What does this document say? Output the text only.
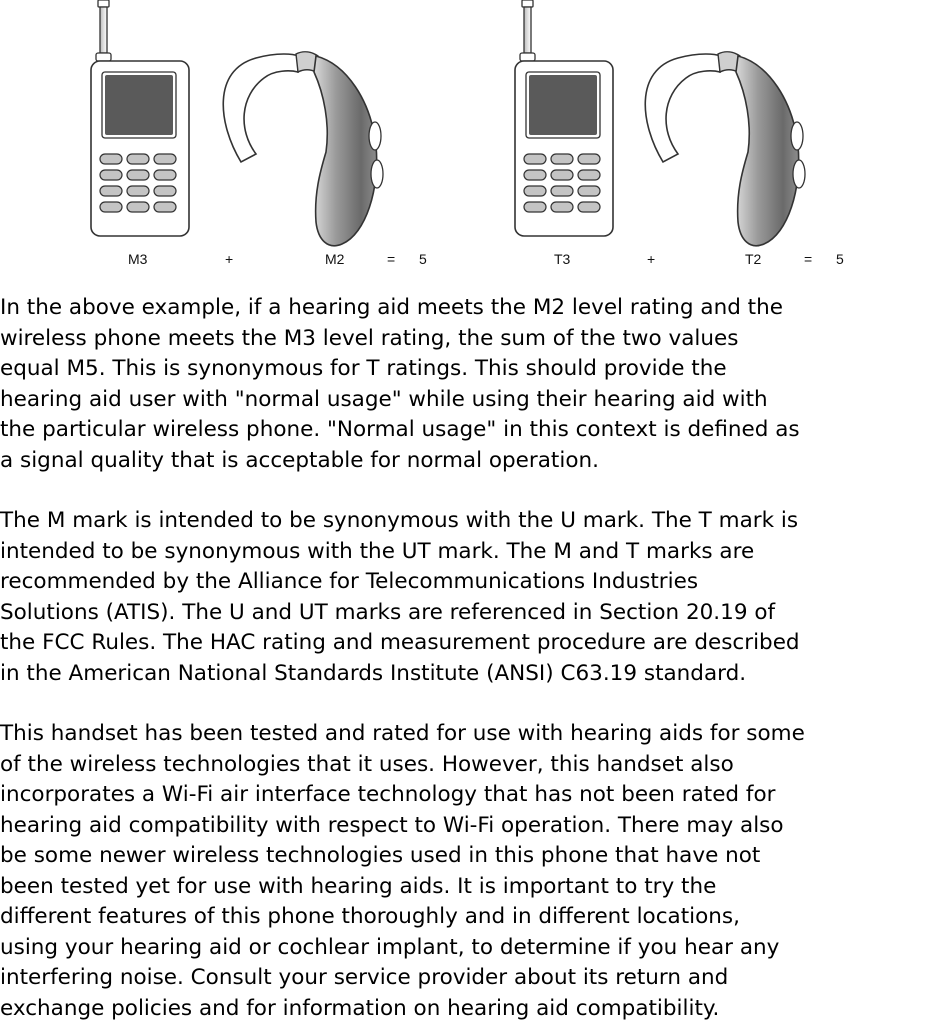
M3	+	M2	= 5	T3	+	T2	= 5

In the above example, if a hearing aid meets the M2 level rating and the
wireless phone meets the M3 level rating, the sum of the two values
equal M5. This is synonymous for T ratings. This should provide the
hearing aid user with "normal usage" while using their hearing aid with
the particular wireless phone. "Normal usage" in this context is defined as
a signal quality that is acceptable for normal operation.

The M mark is intended to be synonymous with the U mark. The T mark is
intended to be synonymous with the UT mark. The M and T marks are
recommended by the Alliance for Telecommunications Industries
Solutions (ATIS). The U and UT marks are referenced in Section 20.19 of
the FCC Rules. The HAC rating and measurement procedure are described
in the American National Standards Institute (ANSI) C63.19 standard.

This handset has been tested and rated for use with hearing aids for some
of the wireless technologies that it uses. However, this handset also
incorporates a Wi-Fi air interface technology that has not been rated for
hearing aid compatibility with respect to Wi-Fi operation. There may also
be some newer wireless technologies used in this phone that have not
been tested yet for use with hearing aids. It is important to try the
different features of this phone thoroughly and in different locations,
using your hearing aid or cochlear implant, to determine if you hear any
interfering noise. Consult your service provider about its return and
exchange policies and for information on hearing aid compatibility.
